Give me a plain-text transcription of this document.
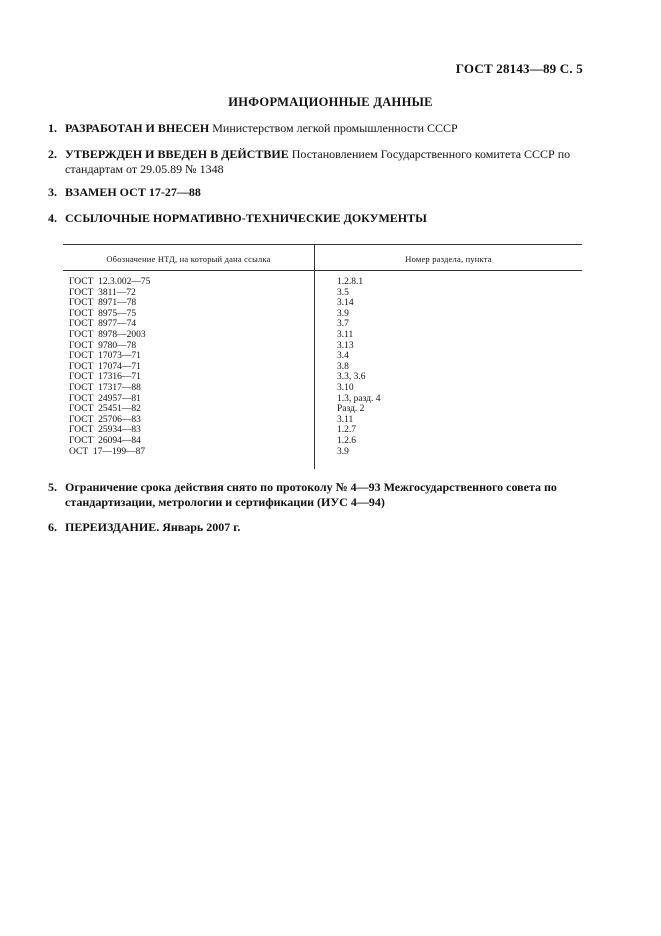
ГОСТ 28143—89 С. 5
ИНФОРМАЦИОННЫЕ ДАННЫЕ
1. РАЗРАБОТАН И ВНЕСЕН Министерством легкой промышленности СССР
2. УТВЕРЖДЕН И ВВЕДЕН В ДЕЙСТВИЕ Постановлением Государственного комитета СССР по стандартам от 29.05.89 № 1348
3. ВЗАМЕН ОСТ 17-27—88
4. ССЫЛОЧНЫЕ НОРМАТИВНО-ТЕХНИЧЕСКИЕ ДОКУМЕНТЫ
Обозначение НТД, на который дана ссылка	Номер раздела, пункта
ГОСТ  12.3.002—75	1.2.8.1
ГОСТ  3811—72	3.5
ГОСТ  8971—78	3.14
ГОСТ  8975—75	3.9
ГОСТ  8977—74	3.7
ГОСТ  8978—2003	3.11
ГОСТ  9780—78	3.13
ГОСТ  17073—71	3.4
ГОСТ  17074—71	3.8
ГОСТ  17316—71	3.3, 3.6
ГОСТ  17317—88	3.10
ГОСТ  24957—81	1.3, разд. 4
ГОСТ  25451—82	Разд. 2
ГОСТ  25706—83	3.11
ГОСТ  25934—83	1.2.7
ГОСТ  26094—84	1.2.6
ОСТ  17—199—87	3.9
5. Ограничение срока действия снято по протоколу № 4—93 Межгосударственного совета по стандартизации, метрологии и сертификации (ИУС 4—94)
6. ПЕРЕИЗДАНИЕ. Январь 2007 г.
